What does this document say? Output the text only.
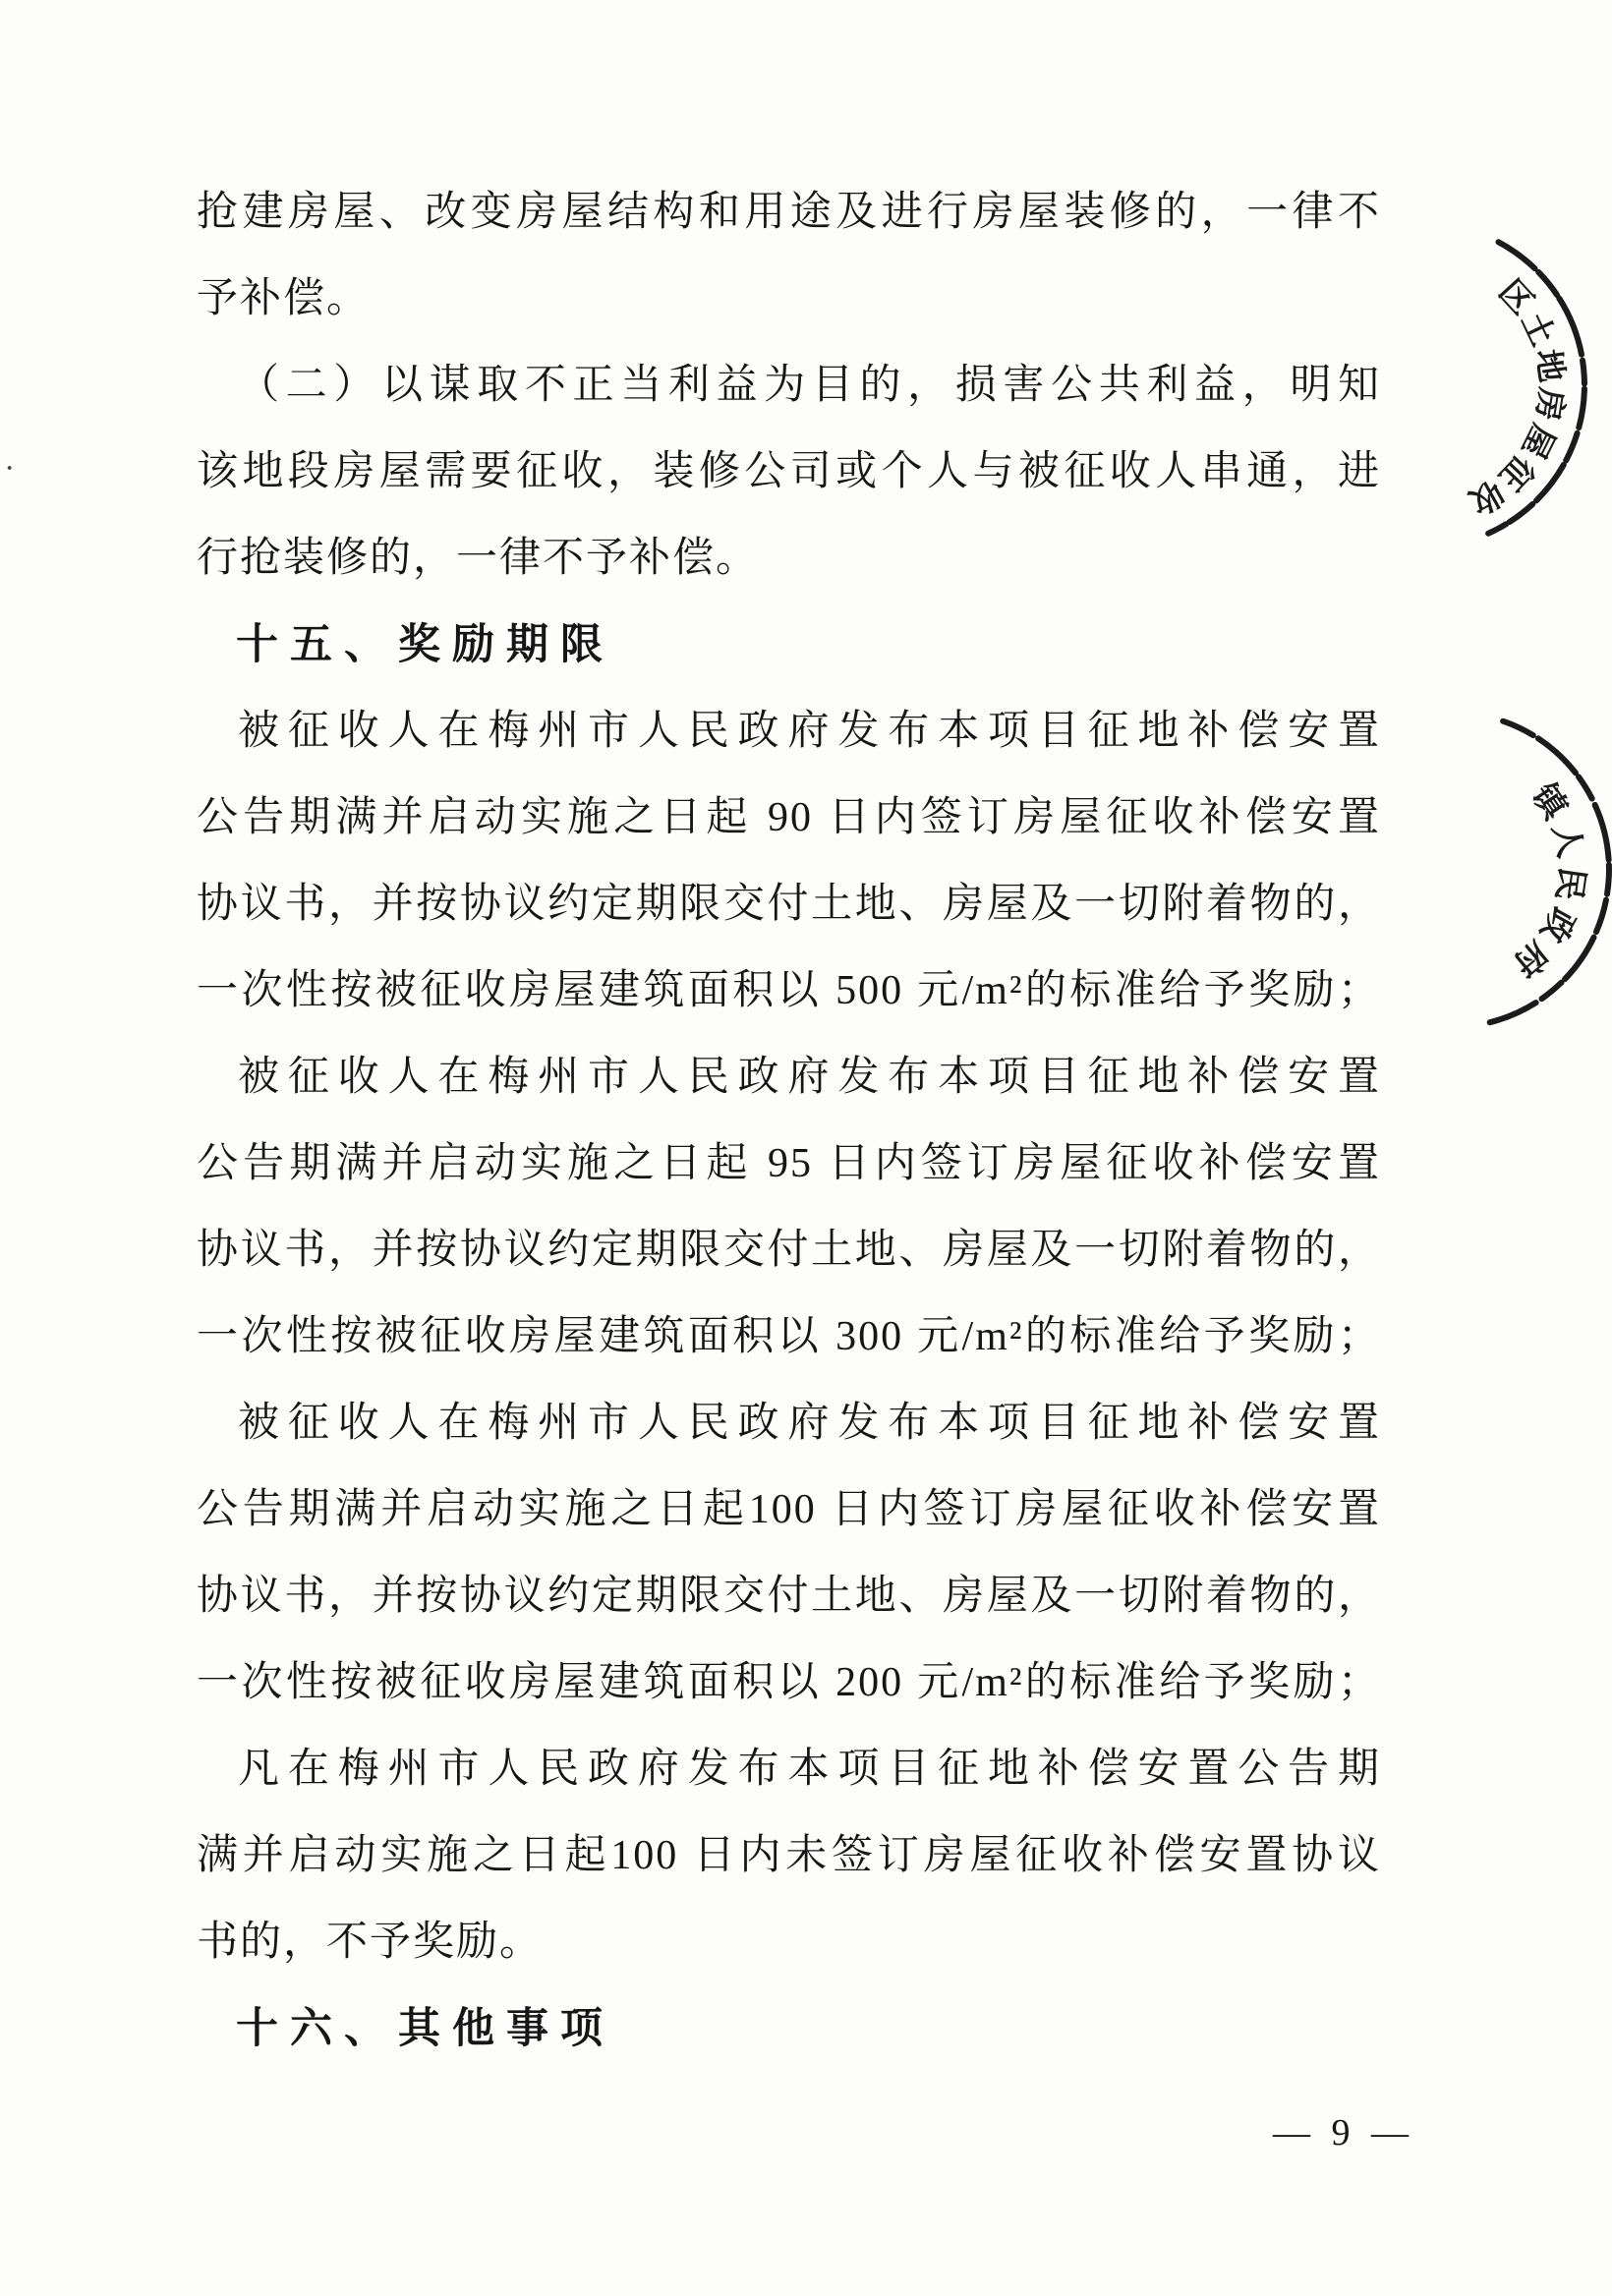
抢建房屋、改变房屋结构和用途及进行房屋装修的，一律不
予补偿。
（二）以谋取不正当利益为目的，损害公共利益，明知
该地段房屋需要征收，装修公司或个人与被征收人串通，进
行抢装修的，一律不予补偿。
十五、奖励期限
被征收人在梅州市人民政府发布本项目征地补偿安置
公告期满并启动实施之日起 90 日内签订房屋征收补偿安置
协议书，并按协议约定期限交付土地、房屋及一切附着物的，
一次性按被征收房屋建筑面积以 500 元/m²的标准给予奖励；
被征收人在梅州市人民政府发布本项目征地补偿安置
公告期满并启动实施之日起 95 日内签订房屋征收补偿安置
协议书，并按协议约定期限交付土地、房屋及一切附着物的，
一次性按被征收房屋建筑面积以 300 元/m²的标准给予奖励；
被征收人在梅州市人民政府发布本项目征地补偿安置
公告期满并启动实施之日起100 日内签订房屋征收补偿安置
协议书，并按协议约定期限交付土地、房屋及一切附着物的，
一次性按被征收房屋建筑面积以 200 元/m²的标准给予奖励；
凡在梅州市人民政府发布本项目征地补偿安置公告期
满并启动实施之日起100 日内未签订房屋征收补偿安置协议
书的，不予奖励。
十六、其他事项
区土地房屋征收
镇人民政府
·
— 9 —
